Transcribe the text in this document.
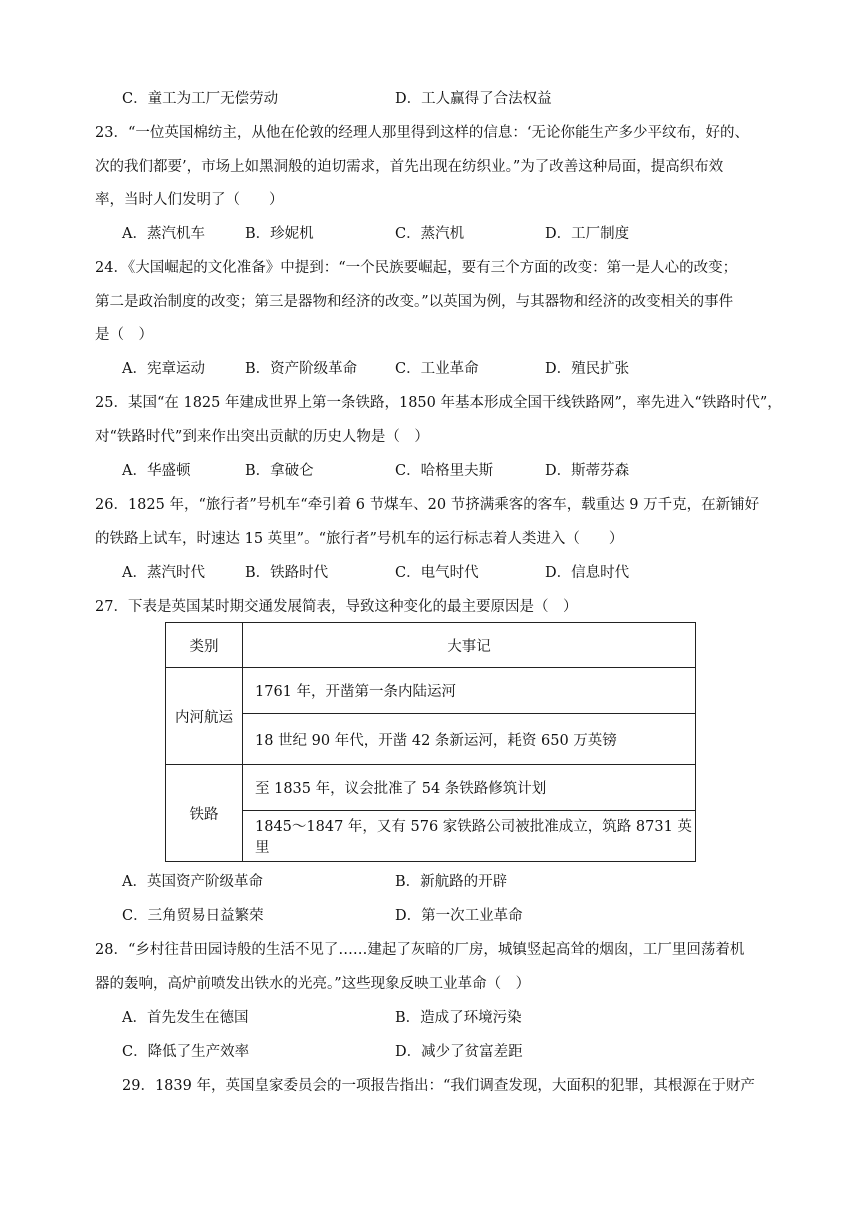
C．童工为工厂无偿劳动	D．工人赢得了合法权益
23．“一位英国棉纺主，从他在伦敦的经理人那里得到这样的信息：‘无论你能生产多少平纹布，好的、
次的我们都要’，市场上如黑洞般的迫切需求，首先出现在纺织业。”为了改善这种局面，提高织布效
率，当时人们发明了（　　）
A．蒸汽机车	B．珍妮机	C．蒸汽机	D．工厂制度
24．《大国崛起的文化准备》中提到：“一个民族要崛起，要有三个方面的改变：第一是人心的改变；
第二是政治制度的改变；第三是器物和经济的改变。”以英国为例，与其器物和经济的改变相关的事件
是（　）
A．宪章运动	B．资产阶级革命	C．工业革命	D．殖民扩张
25．某国“在 1825 年建成世界上第一条铁路，1850 年基本形成全国干线铁路网”，率先进入“铁路时代”，
对“铁路时代”到来作出突出贡献的历史人物是（　）
A．华盛顿	B．拿破仑	C．哈格里夫斯	D．斯蒂芬森
26．1825 年，“旅行者”号机车“牵引着 6 节煤车、20 节挤满乘客的客车，载重达 9 万千克，在新铺好
的铁路上试车，时速达 15 英里”。“旅行者”号机车的运行标志着人类进入（　　）
A．蒸汽时代	B．铁路时代	C．电气时代	D．信息时代
27．下表是英国某时期交通发展简表，导致这种变化的最主要原因是（　）
类别	大事记
内河航运	1761 年，开凿第一条内陆运河
	18 世纪 90 年代，开凿 42 条新运河，耗资 650 万英镑
铁路	至 1835 年，议会批准了 54 条铁路修筑计划
	1845～1847 年，又有 576 家铁路公司被批准成立，筑路 8731 英里
A．英国资产阶级革命	B．新航路的开辟
C．三角贸易日益繁荣	D．第一次工业革命
28．“乡村往昔田园诗般的生活不见了……建起了灰暗的厂房，城镇竖起高耸的烟囱，工厂里回荡着机
器的轰响，高炉前喷发出铁水的光亮。”这些现象反映工业革命（　）
A．首先发生在德国	B．造成了环境污染
C．降低了生产效率	D．减少了贫富差距
29．1839 年，英国皇家委员会的一项报告指出：“我们调查发现，大面积的犯罪，其根源在于财产
